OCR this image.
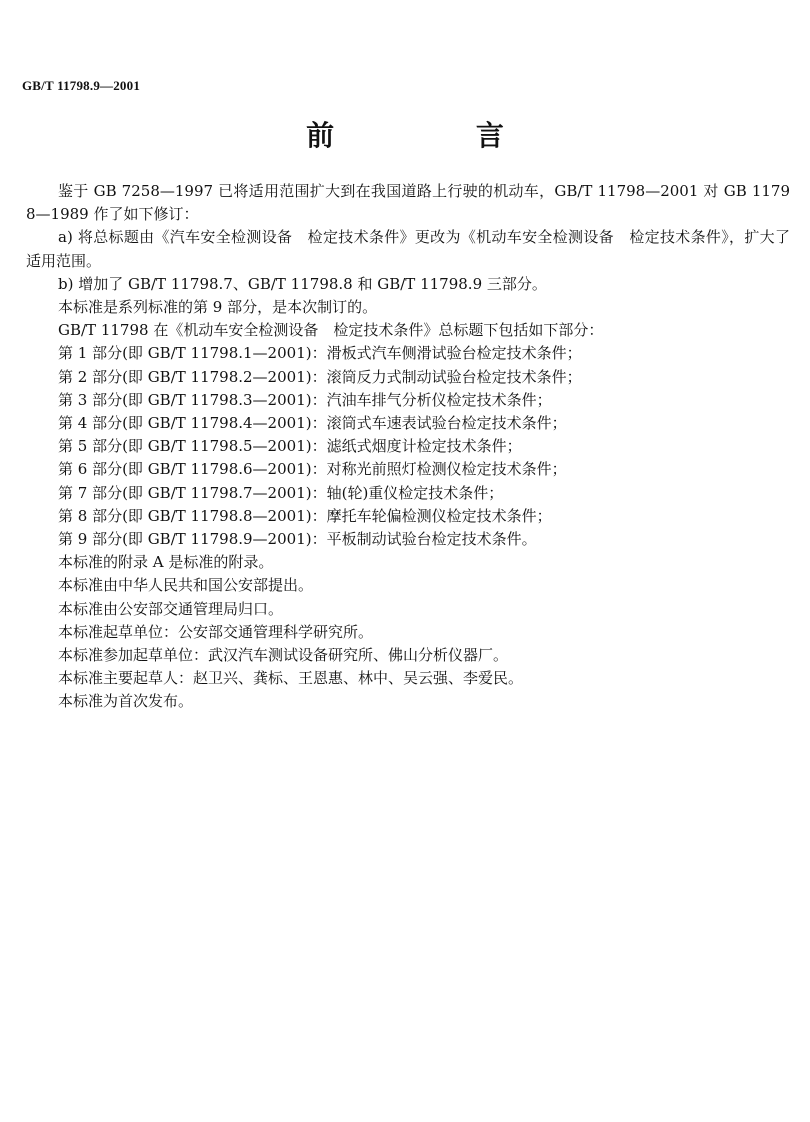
GB/T 11798.9—2001
前 言

鉴于 GB 7258—1997 已将适用范围扩大到在我国道路上行驶的机动车，GB/T 11798—2001 对 GB 11798—1989 作了如下修订：

a) 将总标题由《汽车安全检测设备　检定技术条件》更改为《机动车安全检测设备　检定技术条件》，扩大了适用范围。

b) 增加了 GB/T 11798.7、GB/T 11798.8 和 GB/T 11798.9 三部分。

本标准是系列标准的第 9 部分，是本次制订的。

GB/T 11798 在《机动车安全检测设备　检定技术条件》总标题下包括如下部分：

第 1 部分(即 GB/T 11798.1—2001)：滑板式汽车侧滑试验台检定技术条件；

第 2 部分(即 GB/T 11798.2—2001)：滚筒反力式制动试验台检定技术条件；

第 3 部分(即 GB/T 11798.3—2001)：汽油车排气分析仪检定技术条件；

第 4 部分(即 GB/T 11798.4—2001)：滚筒式车速表试验台检定技术条件；

第 5 部分(即 GB/T 11798.5—2001)：滤纸式烟度计检定技术条件；

第 6 部分(即 GB/T 11798.6—2001)：对称光前照灯检测仪检定技术条件；

第 7 部分(即 GB/T 11798.7—2001)：轴(轮)重仪检定技术条件；

第 8 部分(即 GB/T 11798.8—2001)：摩托车轮偏检测仪检定技术条件；

第 9 部分(即 GB/T 11798.9—2001)：平板制动试验台检定技术条件。

本标准的附录 A 是标准的附录。

本标准由中华人民共和国公安部提出。

本标准由公安部交通管理局归口。

本标准起草单位：公安部交通管理科学研究所。

本标准参加起草单位：武汉汽车测试设备研究所、佛山分析仪器厂。

本标准主要起草人：赵卫兴、龚标、王恩惠、林中、吴云强、李爱民。

本标准为首次发布。
